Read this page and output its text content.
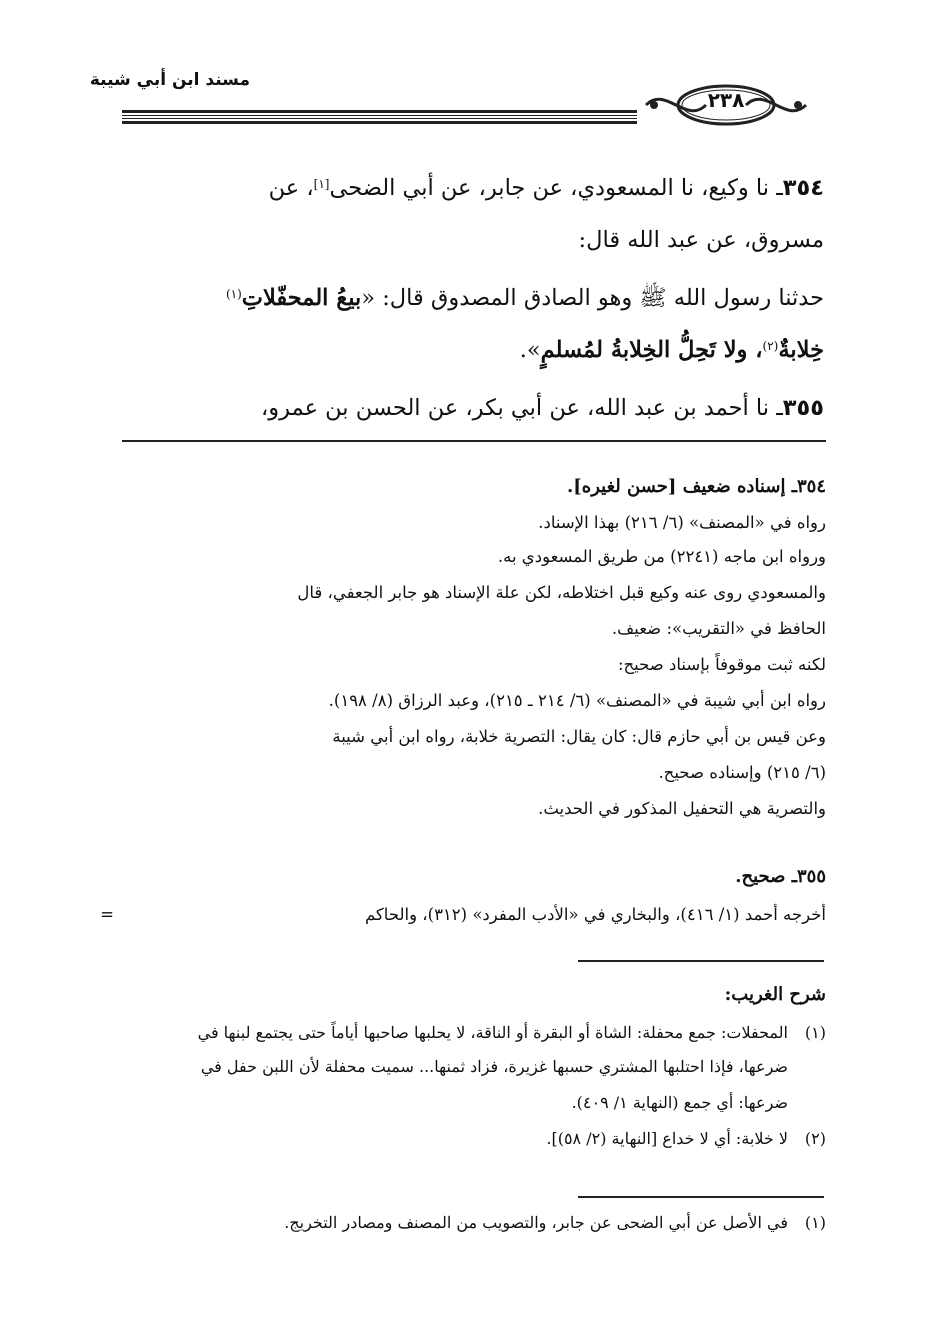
مسند ابن أبي شيبة
٢٣٨
٣٥٤ـ نا وكيع، نا المسعودي، عن جابر، عن أبي الضحى[١]، عن
مسروق، عن عبد الله قال:
حدثنا رسول الله ﷺ وهو الصادق المصدوق قال: «بيعُ المحفّلاتِ$^{(١)}$
خِلابةٌ$^{(٢)}$، ولا تَحِلُّ الخِلابةُ لمُسلمٍ».
٣٥٥ـ نا أحمد بن عبد الله، عن أبي بكر، عن الحسن بن عمرو،
٣٥٤ـ إسناده ضعيف [حسن لغيره].
رواه في «المصنف» (٦/ ٢١٦) بهذا الإسناد.
ورواه ابن ماجه (٢٢٤١) من طريق المسعودي به.
والمسعودي روى عنه وكيع قبل اختلاطه، لكن علة الإسناد هو جابر الجعفي، قال
الحافظ في «التقريب»: ضعيف.
لكنه ثبت موقوفاً بإسناد صحيح:
رواه ابن أبي شيبة في «المصنف» (٦/ ٢١٤ ـ ٢١٥)، وعبد الرزاق (٨/ ١٩٨).
وعن قيس بن أبي حازم قال: كان يقال: التصرية خلابة، رواه ابن أبي شيبة
(٦/ ٢١٥) وإسناده صحيح.
والتصرية هي التحفيل المذكور في الحديث.
٣٥٥ـ صحيح.
أخرجه أحمد (١/ ٤١٦)، والبخاري في «الأدب المفرد» (٣١٢)، والحاكم
=
شرح الغريب:
(١)المحفلات: جمع محفلة: الشاة أو البقرة أو الناقة، لا يحلبها صاحبها أياماً حتى يجتمع لبنها في
ضرعها، فإذا احتلبها المشتري حسبها غزيرة، فزاد ثمنها... سميت محفلة لأن اللبن حفل في
ضرعها: أي جمع (النهاية ١/ ٤٠٩).
(٢)لا خلابة: أي لا خداع [النهاية (٢/ ٥٨)].
(١)في الأصل عن أبي الضحى عن جابر، والتصويب من المصنف ومصادر التخريج.
